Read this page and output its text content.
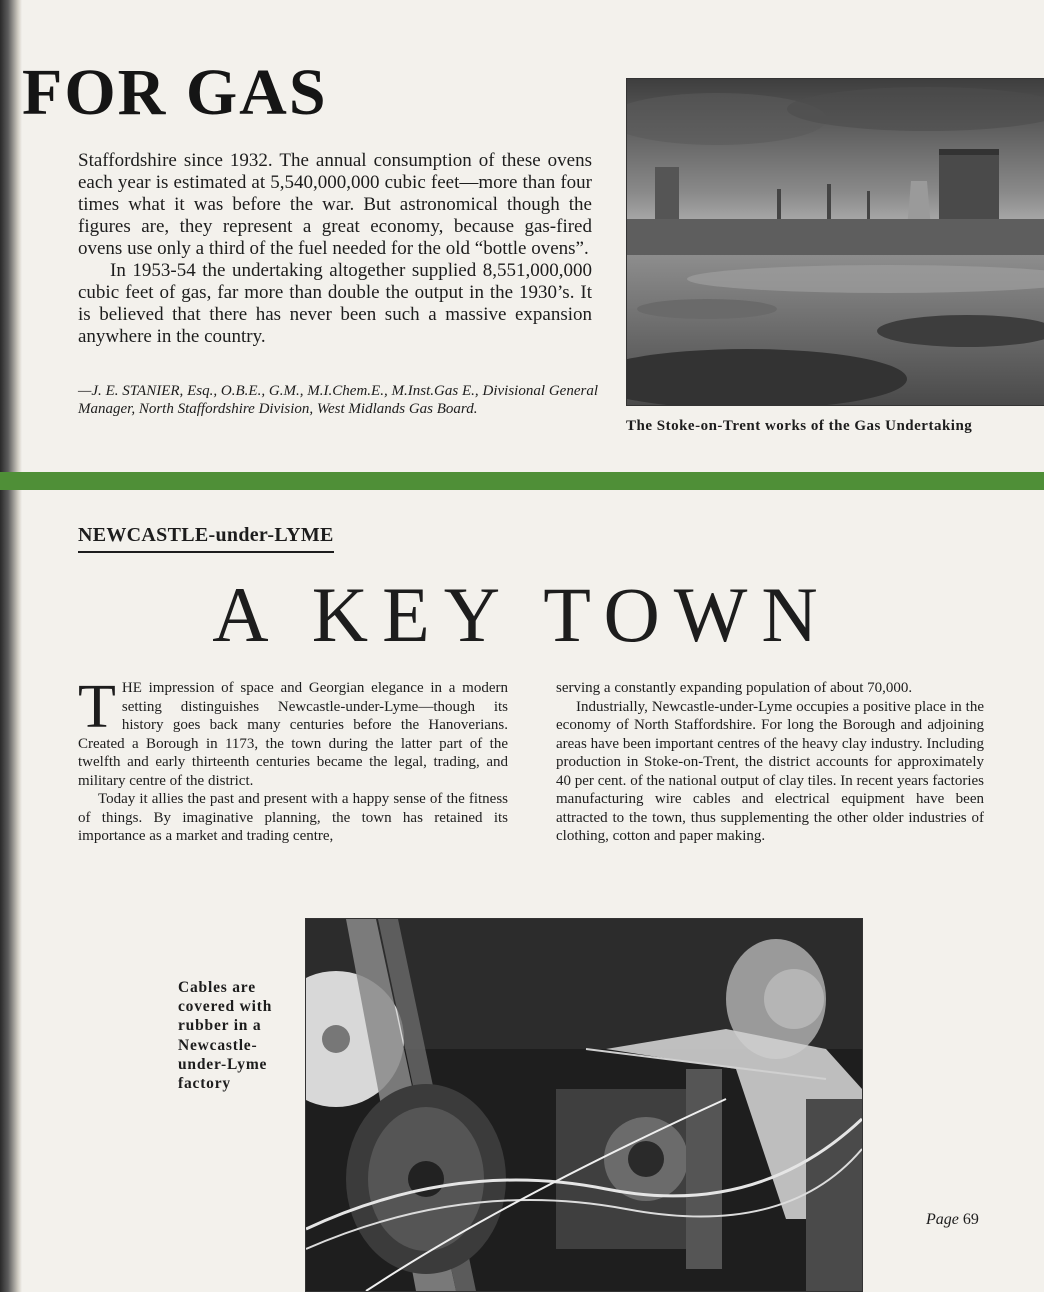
FOR GAS

Staffordshire since 1932. The annual consumption of these ovens each year is estimated at 5,540,000,000 cubic feet—more than four times what it was before the war. But astronomical though the figures are, they represent a great economy, because gas-fired ovens use only a third of the fuel needed for the old “bottle ovens”.

In 1953-54 the undertaking altogether supplied 8,551,000,000 cubic feet of gas, far more than double the output in the 1930’s. It is believed that there has never been such a massive expansion anywhere in the country.

—J. E. STANIER, Esq., O.B.E., G.M., M.I.Chem.E., M.Inst.Gas E., Divisional General Manager, North Staffordshire Division, West Midlands Gas Board.

The Stoke-on-Trent works of the Gas Undertaking

NEWCASTLE-under-LYME
A KEY TOWN

THE impression of space and Georgian elegance in a modern setting distinguishes Newcastle-under-Lyme—though its history goes back many centuries before the Hanoverians. Created a Borough in 1173, the town during the latter part of the twelfth and early thirteenth centuries became the legal, trading, and military centre of the district.

Today it allies the past and present with a happy sense of the fitness of things. By imaginative planning, the town has retained its importance as a market and trading centre,

serving a constantly expanding population of about 70,000.

Industrially, Newcastle-under-Lyme occupies a positive place in the economy of North Staffordshire. For long the Borough and adjoining areas have been important centres of the heavy clay industry. Including production in Stoke-on-Trent, the district accounts for approximately 40 per cent. of the national output of clay tiles. In recent years factories manufacturing wire cables and electrical equipment have been attracted to the town, thus supplementing the other older industries of clothing, cotton and paper making.

Cables are covered with rubber in a Newcastle-under-Lyme factory

Page 69
